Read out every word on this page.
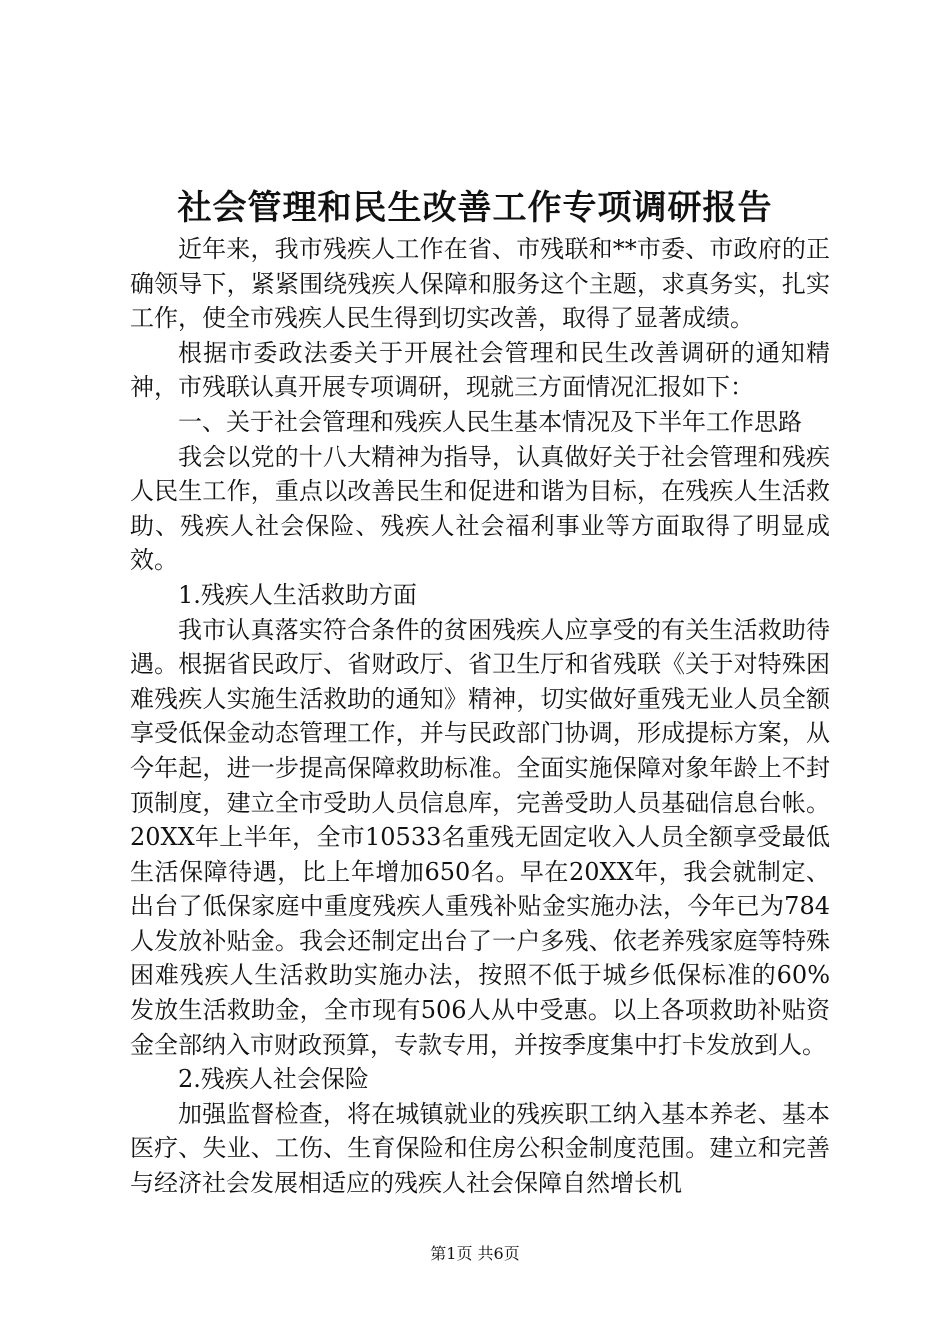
社会管理和民生改善工作专项调研报告

近年来，我市残疾人工作在省、市残联和**市委、市政府的正确领导下，紧紧围绕残疾人保障和服务这个主题，求真务实，扎实工作，使全市残疾人民生得到切实改善，取得了显著成绩。

根据市委政法委关于开展社会管理和民生改善调研的通知精神，市残联认真开展专项调研，现就三方面情况汇报如下：

一、关于社会管理和残疾人民生基本情况及下半年工作思路

我会以党的十八大精神为指导，认真做好关于社会管理和残疾人民生工作，重点以改善民生和促进和谐为目标，在残疾人生活救助、残疾人社会保险、残疾人社会福利事业等方面取得了明显成效。

1.残疾人生活救助方面

我市认真落实符合条件的贫困残疾人应享受的有关生活救助待遇。根据省民政厅、省财政厅、省卫生厅和省残联《关于对特殊困难残疾人实施生活救助的通知》精神，切实做好重残无业人员全额享受低保金动态管理工作，并与民政部门协调，形成提标方案，从今年起，进一步提高保障救助标准。全面实施保障对象年龄上不封顶制度，建立全市受助人员信息库，完善受助人员基础信息台帐。20XX年上半年，全市10533名重残无固定收入人员全额享受最低生活保障待遇，比上年增加650名。早在20XX年，我会就制定、出台了低保家庭中重度残疾人重残补贴金实施办法，今年已为784人发放补贴金。我会还制定出台了一户多残、依老养残家庭等特殊困难残疾人生活救助实施办法，按照不低于城乡低保标准的60%发放生活救助金，全市现有506人从中受惠。以上各项救助补贴资金全部纳入市财政预算，专款专用，并按季度集中打卡发放到人。

2.残疾人社会保险

加强监督检查，将在城镇就业的残疾职工纳入基本养老、基本医疗、失业、工伤、生育保险和住房公积金制度范围。建立和完善与经济社会发展相适应的残疾人社会保障自然增长机

第1页 共6页
